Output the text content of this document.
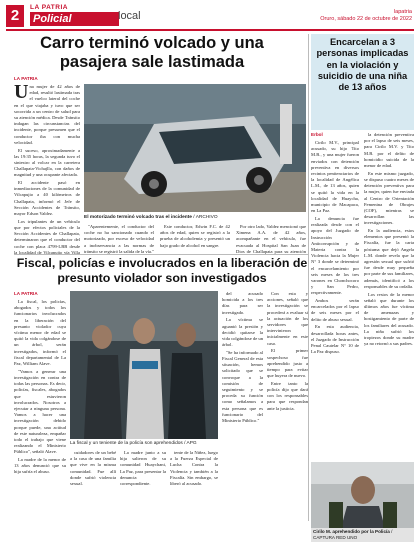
2	LA PATRIA
Policial	local	lapatria
Oruro, sábado 22 de octubre de 2022
Carro terminó volcado y una pasajera sale lastimada
LA PATRIA

Una mujer de 42 años de edad, resultó lastimada tras el vuelco lateral del coche en el que viajaba y tuvo que ser socorrida a un centro de salud para su atención médica. Desde Tránsito indagan las circunstancias del incidente, porque presumen que el conductor iba con mucha velocidad.

El suceso, aproximadamente a las 19:35 horas, la segunda tuvo el siniestro al volcar en la carretera Challapata-Vichajlla, con daños de magnitud y una ocupante afectada.

El accidente pasó en inmediaciones de la comunidad de Vilcapujio a 40 kilómetros de Challapata, informó el Jefe de Sección Accidentes de Tránsito, mayor Edson Valdez.

Los tripulantes de un vehículo que por efectos policiales de la Sección Accidentes de Challapata, determinaron que el conductor del coche con placa 4799-LBB desde la localidad de Vilcapujio vía Villa

El motorizado terminó volcado tras el incidente / ARCHIVO

"Aparentemente, el conductor del coche no ha sancionado cuando el motorizado, por exceso de velocidad a inobservancia a las normas de tránsito se registró la salida de la vía."

Este conductor, Edwin F.C. de 42 años de edad, quien se registró a la prueba de alcoholemia y presentó un bajo grado de alcohol en sangre.

Por otro lado, Valdez mencionó que Ximena A.A. de 42 años, acompañante en el vehículo, fue evacuada al Hospital San Juan de Dios de Challapata para su atención

Encarcelan a 3 personas implicadas en la violación y suicidio de una niña de 13 años
Erbol

Cirilo M.V., principal acusado, su hijo Tito M.B., y una mujer fueron enviados con detención preventiva en diversos recintos penitenciarios de la localidad de Angélica L.M., de 13 años, quien se quitó la vida en la localidad de Huaycha, municipio de Macapaca, en La Paz.

La denuncia fue realizada desde con el apoyo del Juzgado de Instrucción Anticorrupción y de Materia contra la Violencia hacia la Mujer N° 3 donde se determinó el encarcelamiento por seis meses de los tres varones en Chonchocoro y San Pedro, respectivamente.

Ambos serán encarcelados por el lapso de seis meses por el delito de abuso sexual.

En esta audiencia, desarrollada horas antes, el Juzgado de Instrucción Penal Cautelar N° 10 de La Paz dispuso.

la detención preventiva por el lapso de seis meses, para Cirilo M.V. y Tito M.B. por el delito de homicidio suicida de la menor de edad.

En este mismo juzgado, se dispuso cuatro meses de detención preventiva para la mujer, quien fue enviada al Centro de Orientación Femenina de Obrajes (COF), mientras se desarrollan las investigaciones.

En la audiencia, estos elementos que presentó la Fiscalía, fue la carta póstuma que dejó Angela L.M. donde revela que la agresión sexual que sufrió fue desde muy pequeña por parte de sus familiares, además, identificó a los responsables de su ordalía.

Los restos de la menor señaló que durante los últimos años fue víctima de amenazas y hostigamiento de parte de los familiares del acusado. La niña sufrió los tropiezos donde su madre ya no retornó a sus padres.

Cirilo M. aprehendido por la Policía / CAPTURA RED UNO
Fiscal, policías e involucrados en la liberación de presunto violador son investigados
LA PATRIA

La fiscal, los policías, abogados y todos los funcionarios involucrados en la liberación del presunto violador cuya víctima menor de edad se quitó la vida colgándose de un árbol, serán investigados, informó el fiscal departamental de La Paz, William Alave.

"Vamos a generar una investigación en contra de todas las personas. Es decir, policías, fiscales, abogados que estuvieron involucrados. Nosotros a ejecutar a ninguna persona. Vamos a hacer una investigación debido porque puede, una actitud de este naturaleza, empañar todo el trabajo que viene realizando el Ministerio Público", señaló Alave.

La madre de la menor de 13 años denunció que su hija sufría el abuso.

La fiscal y un teniente de la policía son aprehendidos / APG

cuidadores de un bebé a la casa de una familia que vive en la misma comunidad. Fue allí donde sufrió violencia sexual.

La madre junto a su hija salieron de su comunidad Huaychani, La Paz, para presentar la denuncia correspondiente.

tente de la Niñez, luego a la Fuerza Especial de Lucha Contra la Violencia y también a la Fiscalía. Sin embargo, se liberó al acusado.

del acusado homicida a los tres días para ser investigado.

La víctima se aguantó la presión y decidió quitarse la vida colgándose de un árbol.

"Se ha informado al Fiscal General de esta situación, hemos solicitado que se convoque a la comisión de seguimiento y se proceda su función como señalamos a esta persona que es funcionario del Ministerio Público."

Con esta y acciones, señaló que la investigación se procederá a evaluar si la actuación de los servidores que intervinieron inicialmente en este caso.

El primer sospechoso fue aprehendido justo a tiempo para evitar que huyera de nuevo.

Entre tanto la policía dijo que dará con los responsables para que respondan ante la justicia.
